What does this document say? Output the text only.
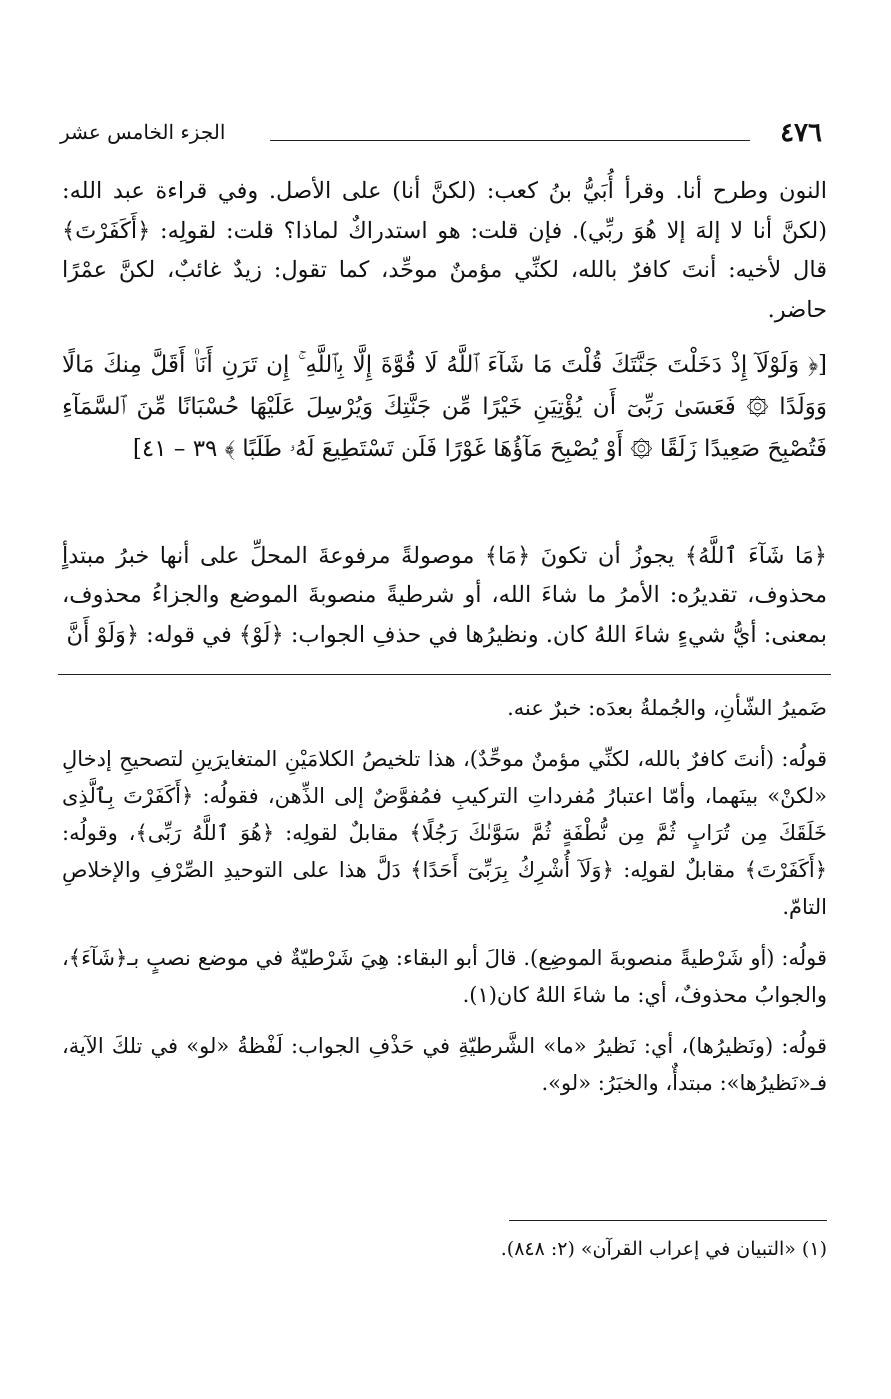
٤٧٦
الجزء الخامس عشر

النون وطرح أنا. وقرأ أُبَيُّ بنُ كعب: (لكنَّ أنا) على الأصل. وفي قراءة عبد الله: (لكنَّ أنا لا إلهَ إلا هُوَ ربِّي). فإن قلت: هو استدراكٌ لماذا؟ قلت: لقولِه: ﴿أَكَفَرْتَ﴾ قال لأخيه: أنتَ كافرٌ بالله، لكنِّي مؤمنٌ موحِّد، كما تقول: زيدٌ غائبٌ، لكنَّ عمْرًا حاضر.

[﴿ وَلَوْلَآ إِذْ دَخَلْتَ جَنَّتَكَ قُلْتَ مَا شَآءَ ٱللَّهُ لَا قُوَّةَ إِلَّا بِٱللَّهِ ۚ إِن تَرَنِ أَنَا۠ أَقَلَّ مِنكَ مَالًا وَوَلَدًا ۞ فَعَسَىٰ رَبِّىٓ أَن يُؤْتِيَنِ خَيْرًا مِّن جَنَّتِكَ وَيُرْسِلَ عَلَيْهَا حُسْبَانًا مِّنَ ٱلسَّمَآءِ فَتُصْبِحَ صَعِيدًا زَلَقًا ۞ أَوْ يُصْبِحَ مَآؤُهَا غَوْرًا فَلَن تَسْتَطِيعَ لَهُۥ طَلَبًا ﴾ ٣٩ – ٤١]

﴿مَا شَآءَ ٱللَّهُ﴾ يجوزُ أن تكونَ ﴿مَا﴾ موصولةً مرفوعةَ المحلِّ على أنها خبرُ مبتدأٍ محذوف، تقديرُه: الأمرُ ما شاءَ الله، أو شرطيةً منصوبةَ الموضع والجزاءُ محذوف، بمعنى: أيُّ شيءٍ شاءَ اللهُ كان. ونظيرُها في حذفِ الجواب: ﴿لَوْ﴾ في قوله: ﴿وَلَوْ أَنَّ

ضَميرُ الشّأنِ، والجُملةُ بعدَه: خبرٌ عنه.

قولُه: (أنتَ كافرٌ بالله، لكنِّي مؤمنٌ موحِّدٌ)، هذا تلخيصُ الكلامَيْنِ المتغايرَينِ لتصحيحِ إدخالِ «لكنْ» بينَهما، وأمّا اعتبارُ مُفرداتِ التركيبِ فمُفوَّضٌ إلى الذِّهن، فقولُه: ﴿أَكَفَرْتَ بِٱلَّذِى خَلَقَكَ مِن تُرَابٍ ثُمَّ مِن نُّطْفَةٍ ثُمَّ سَوَّىٰكَ رَجُلًا﴾ مقابلٌ لقولِه: ﴿هُوَ ٱللَّهُ رَبِّى﴾، وقولُه: ﴿أَكَفَرْتَ﴾ مقابلٌ لقولِه: ﴿وَلَآ أُشْرِكُ بِرَبِّىٓ أَحَدًا﴾ دَلَّ هذا على التوحيدِ الصِّرْفِ والإخلاصِ التامّ.

قولُه: (أو شَرْطيةً منصوبةَ الموضِع). قالَ أبو البقاء: هِيَ شَرْطيّةٌ في موضع نصبٍ بـ﴿شَآءَ﴾، والجوابُ محذوفٌ، أي: ما شاءَ اللهُ كان(١).

قولُه: (ونَظيرُها)، أي: نَظيرُ «ما» الشَّرطيّةِ في حَذْفِ الجواب: لَفْظةُ «لو» في تلكَ الآية، فـ«نَظيرُها»: مبتدأٌ، والخبَرُ: «لو».

(١) «التبيان في إعراب القرآن» (٢: ٨٤٨).
